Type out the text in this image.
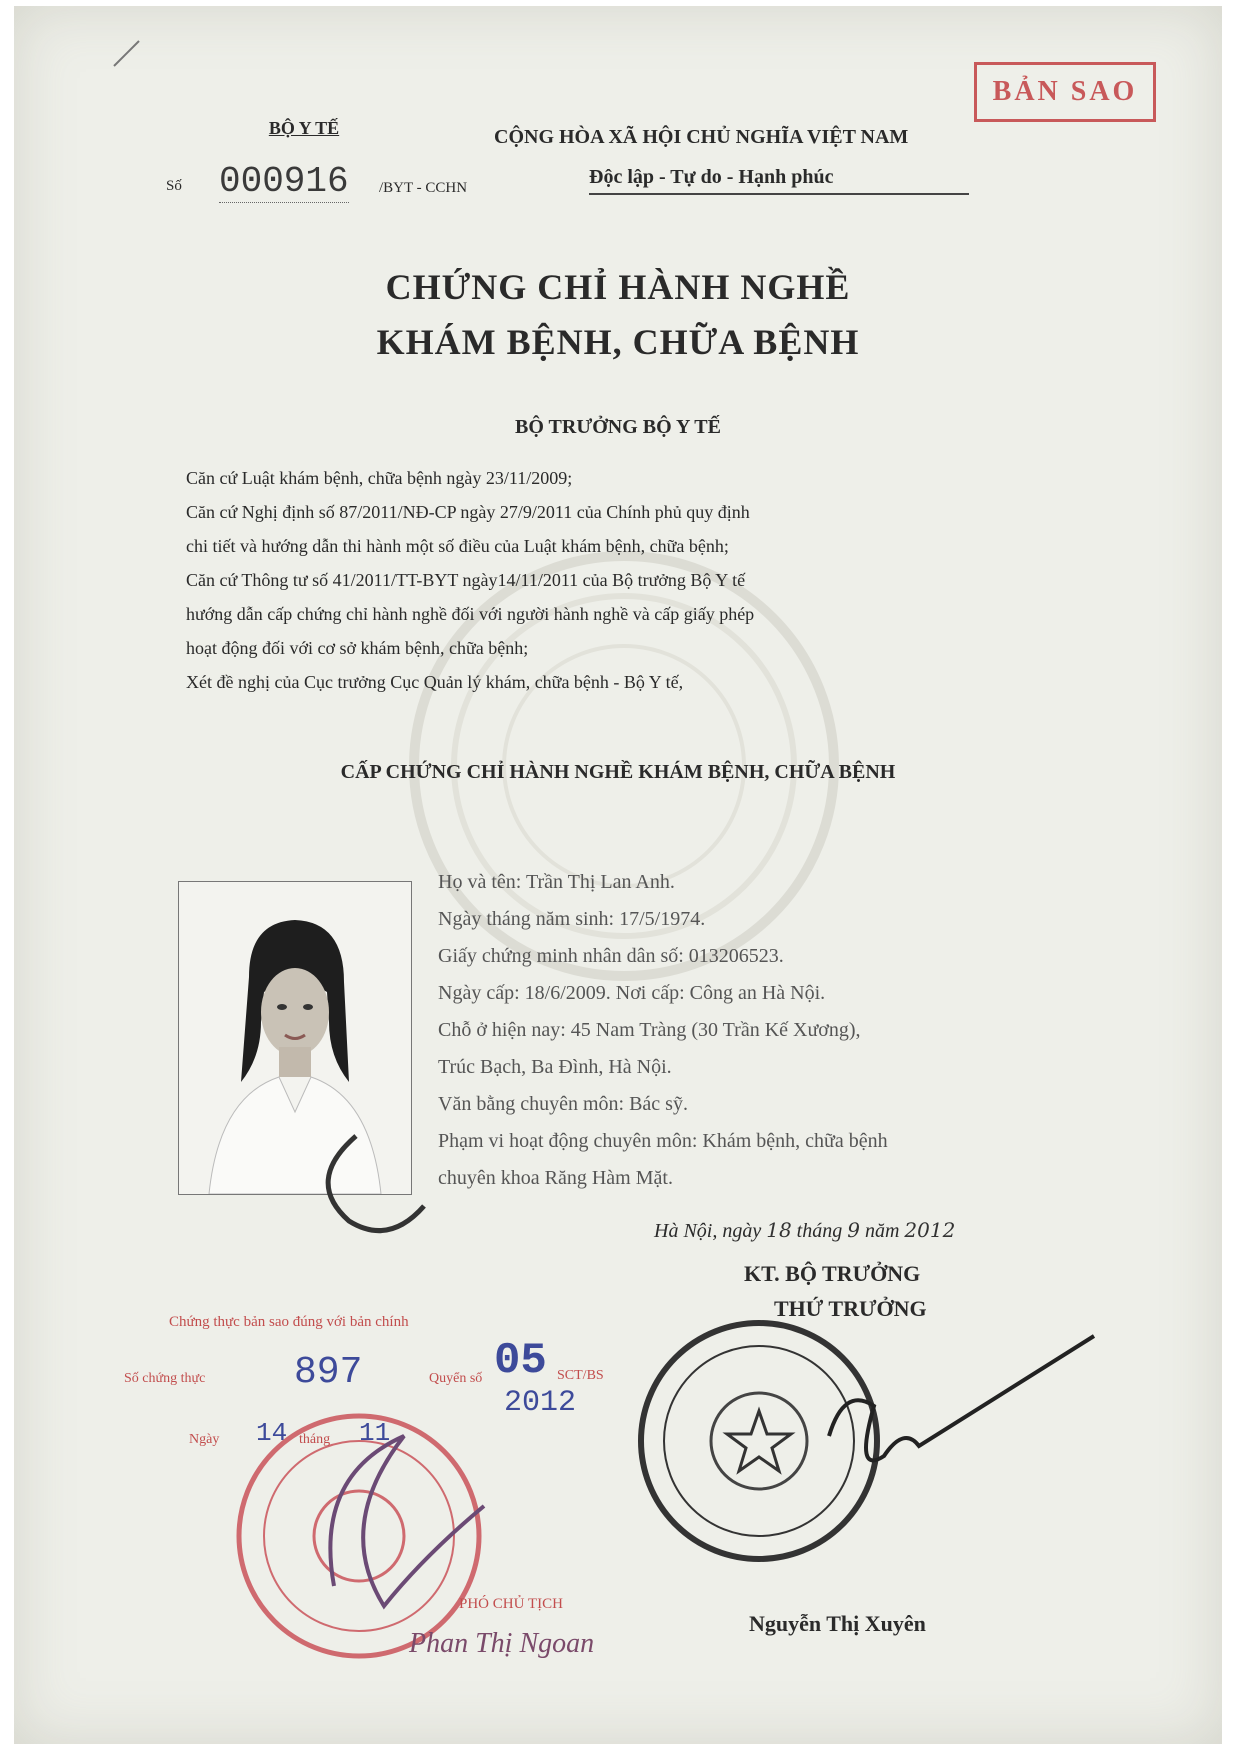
BẢN SAO
BỘ Y TẾ
Số 000916 /BYT - CCHN
CỘNG HÒA XÃ HỘI CHỦ NGHĨA VIỆT NAM
Độc lập - Tự do - Hạnh phúc
CHỨNG CHỈ HÀNH NGHỀ
KHÁM BỆNH, CHỮA BỆNH
BỘ TRƯỞNG BỘ Y TẾ
Căn cứ Luật khám bệnh, chữa bệnh ngày 23/11/2009;
Căn cứ Nghị định số 87/2011/NĐ-CP ngày 27/9/2011 của Chính phủ quy định
chi tiết và hướng dẫn thi hành một số điều của Luật khám bệnh, chữa bệnh;
Căn cứ Thông tư số 41/2011/TT-BYT ngày14/11/2011 của Bộ trưởng Bộ Y tế
hướng dẫn cấp chứng chỉ hành nghề đối với người hành nghề và cấp giấy phép
hoạt động đối với cơ sở khám bệnh, chữa bệnh;
Xét đề nghị của Cục trưởng Cục Quản lý khám, chữa bệnh - Bộ Y tế,
CẤP CHỨNG CHỈ HÀNH NGHỀ KHÁM BỆNH, CHỮA BỆNH
Họ và tên: Trần Thị Lan Anh.
Ngày tháng năm sinh: 17/5/1974.
Giấy chứng minh nhân dân số: 013206523.
Ngày cấp: 18/6/2009. Nơi cấp: Công an Hà Nội.
Chỗ ở hiện nay: 45 Nam Tràng (30 Trần Kế Xương),
Trúc Bạch, Ba Đình, Hà Nội.
Văn bằng chuyên môn: Bác sỹ.
Phạm vi hoạt động chuyên môn: Khám bệnh, chữa bệnh
chuyên khoa Răng Hàm Mặt.
Hà Nội, ngày 18 tháng 9 năm 2012
KT. BỘ TRƯỞNG
THỨ TRƯỞNG
Nguyễn Thị Xuyên
Chứng thực bản sao đúng với bản chính
Số chứng thực 897	Quyển số 05 SCT/BS
2012
Ngày 14 tháng 11
PHÓ CHỦ TỊCH
Phan Thị Ngoan
